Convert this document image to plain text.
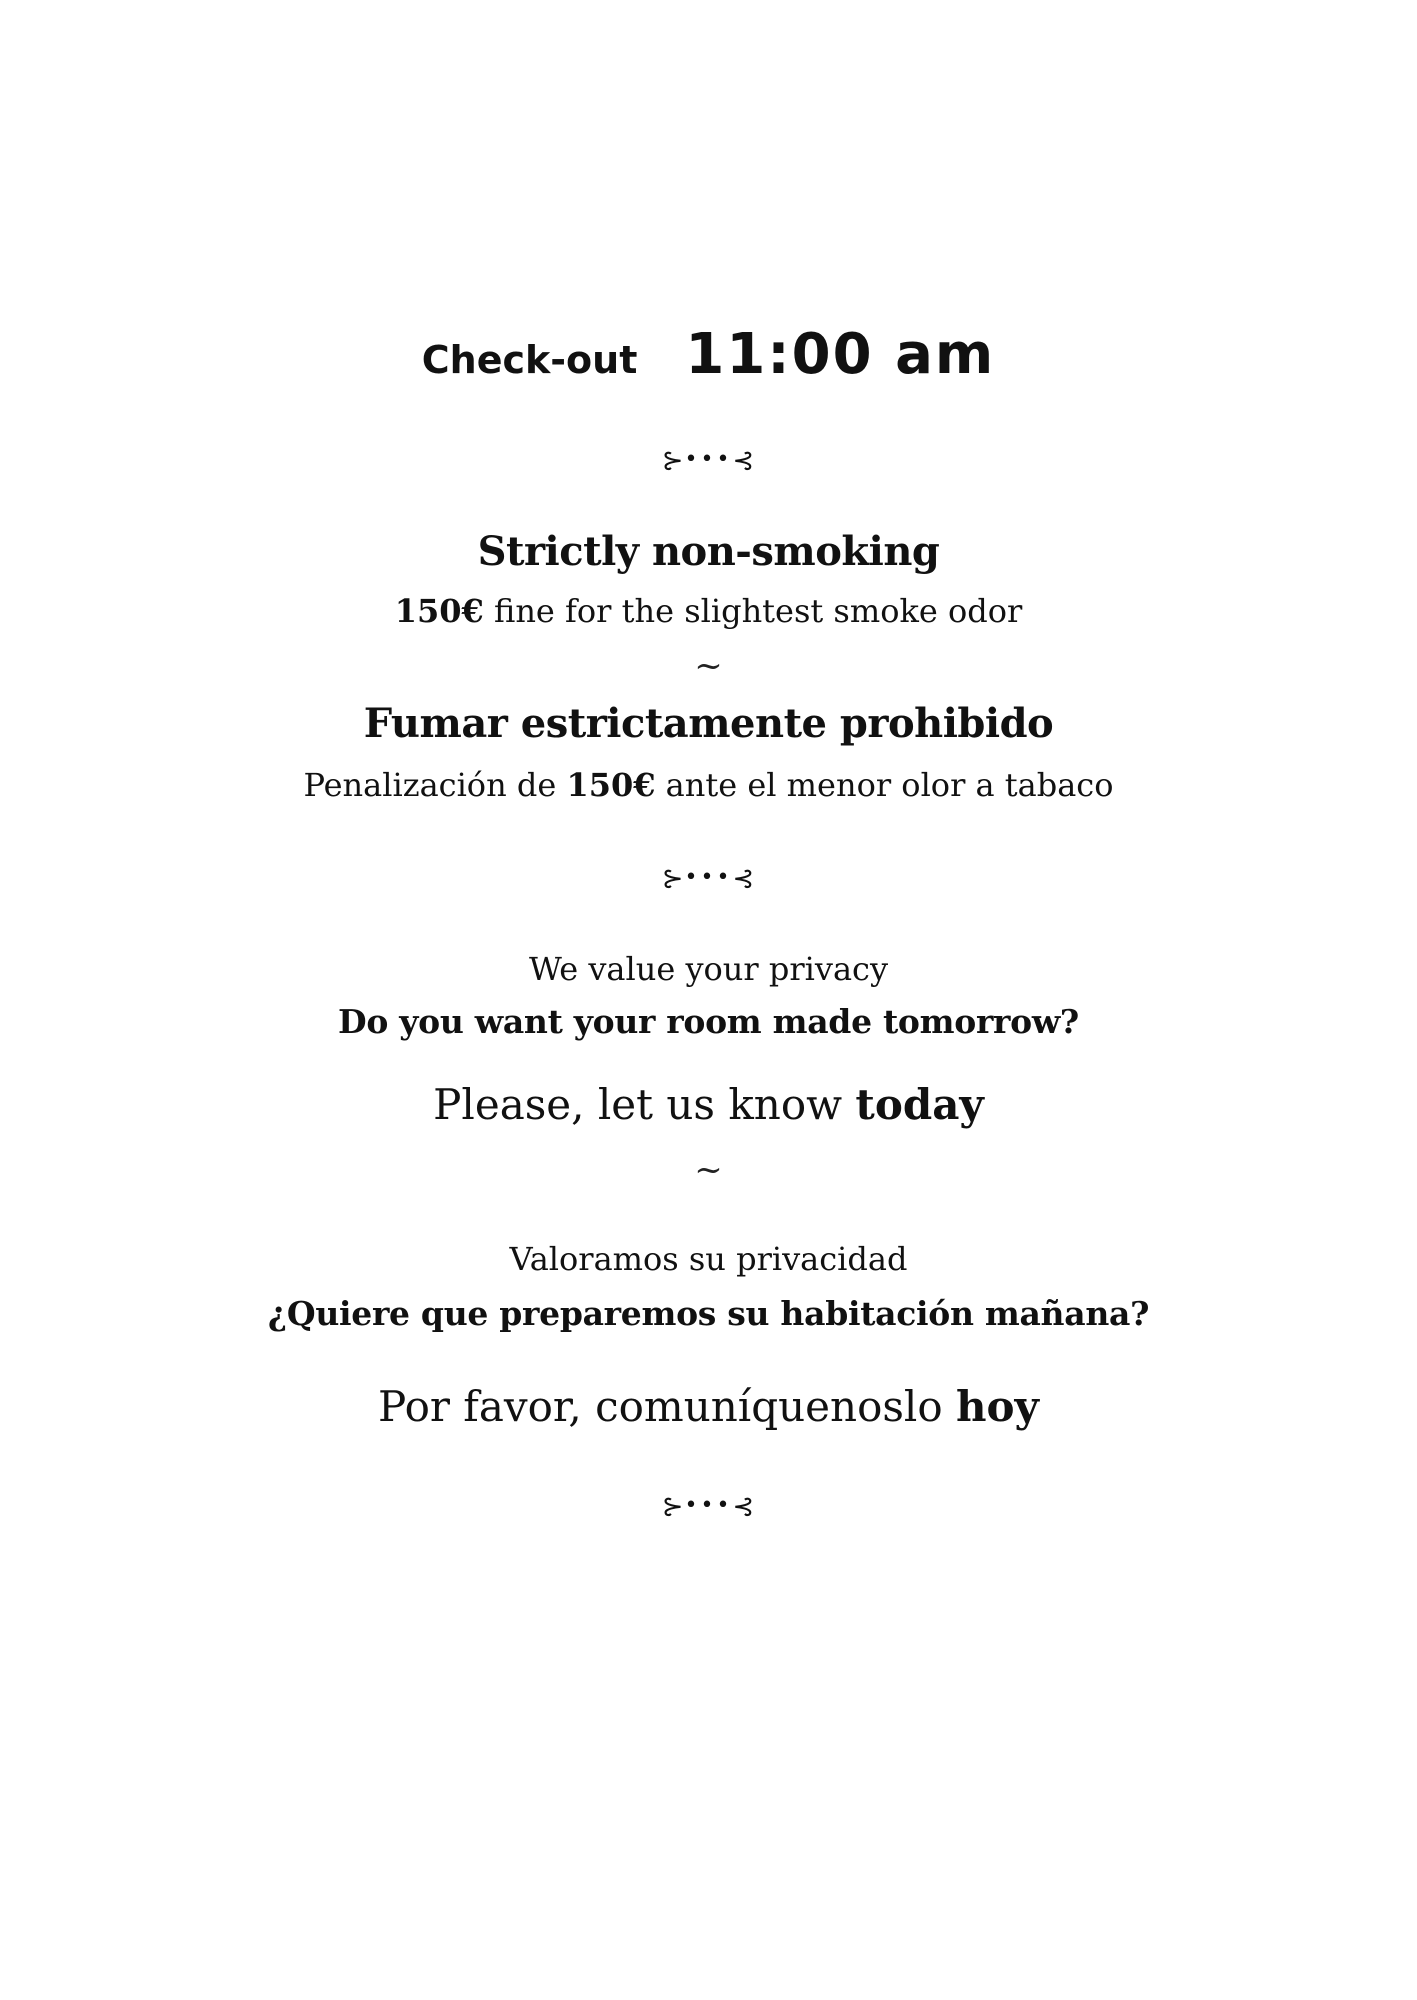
Check-out 11:00 am
⊱•••⊰
Strictly non-smoking
150€ fine for the slightest smoke odor
~
Fumar estrictamente prohibido
Penalización de 150€ ante el menor olor a tabaco
⊱•••⊰
We value your privacy
Do you want your room made tomorrow?
Please, let us know today
~
Valoramos su privacidad
¿Quiere que preparemos su habitación mañana?
Por favor, comuníquenoslo hoy
⊱•••⊰
